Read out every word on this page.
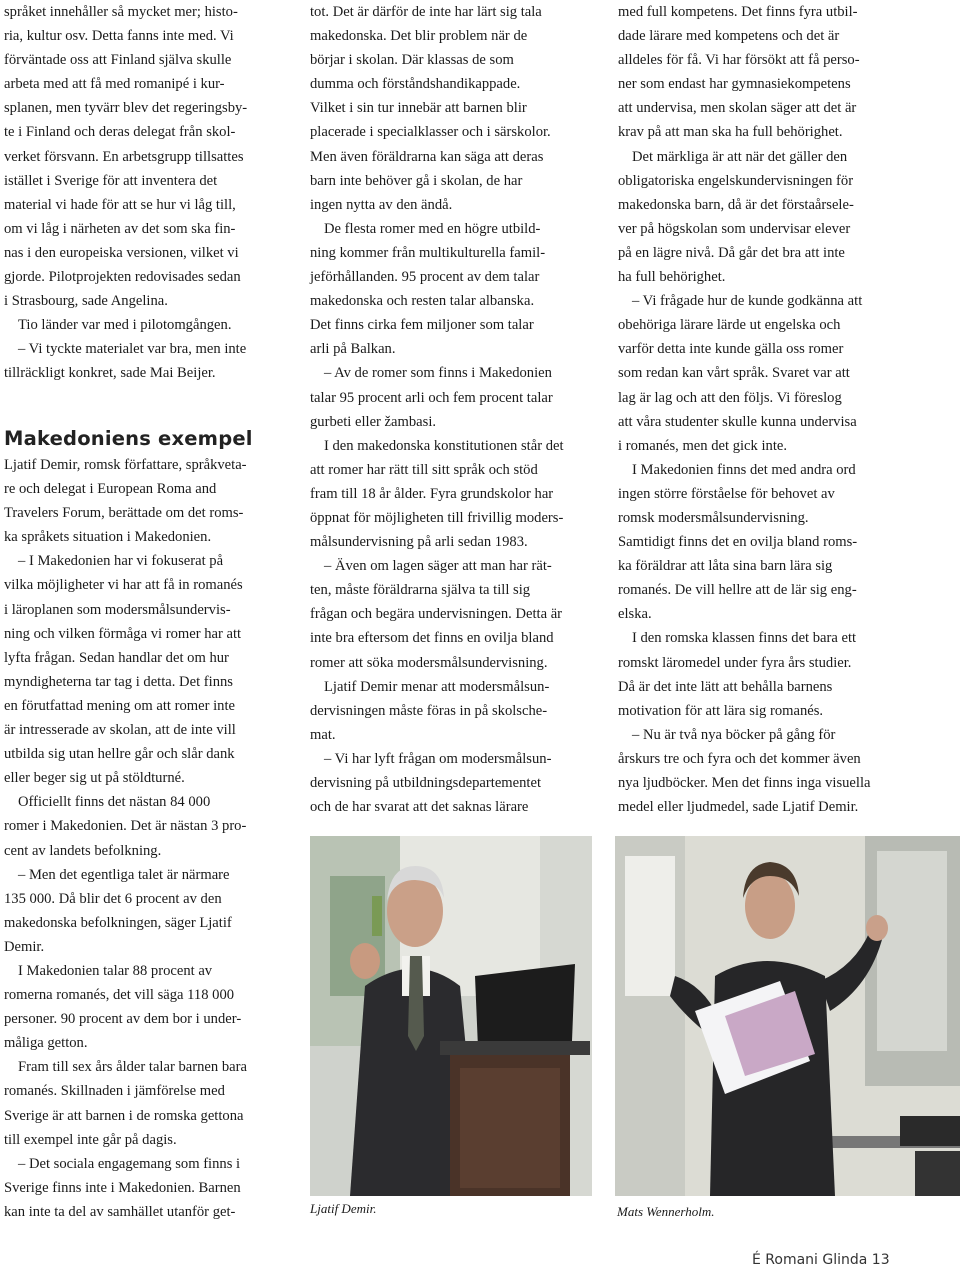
språket innehåller så mycket mer; histo-

ria, kultur osv. Detta fanns inte med. Vi

förväntade oss att Finland själva skulle

arbeta med att få med romanipé i kur-

splanen, men tyvärr blev det regeringsby-

te i Finland och deras delegat från skol-

verket försvann. En arbetsgrupp tillsattes

istället i Sverige för att inventera det

material vi hade för att se hur vi låg till,

om vi låg i närheten av det som ska fin-

nas i den europeiska versionen, vilket vi

gjorde. Pilotprojekten redovisades sedan

i Strasbourg, sade Angelina.

Tio länder var med i pilotomgången.

– Vi tyckte materialet var bra, men inte

tillräckligt konkret, sade Mai Beijer.

Makedoniens exempel

Ljatif Demir, romsk författare, språkveta-

re och delegat i European Roma and

Travelers Forum, berättade om det roms-

ka språkets situation i Makedonien.

– I Makedonien har vi fokuserat på

vilka möjligheter vi har att få in romanés

i läroplanen som modersmålsundervis-

ning och vilken förmåga vi romer har att

lyfta frågan. Sedan handlar det om hur

myndigheterna tar tag i detta. Det finns

en förutfattad mening om att romer inte

är intresserade av skolan, att de inte vill

utbilda sig utan hellre går och slår dank

eller beger sig ut på stöldturné.

Officiellt finns det nästan 84 000

romer i Makedonien. Det är nästan 3 pro-

cent av landets befolkning.

– Men det egentliga talet är närmare

135 000. Då blir det 6 procent av den

makedonska befolkningen, säger Ljatif

Demir.

I Makedonien talar 88 procent av

romerna romanés, det vill säga 118 000

personer. 90 procent av dem bor i under-

måliga getton.

Fram till sex års ålder talar barnen bara

romanés. Skillnaden i jämförelse med

Sverige är att barnen i de romska gettona

till exempel inte går på dagis.

– Det sociala engagemang som finns i

Sverige finns inte i Makedonien. Barnen

kan inte ta del av samhället utanför get-

tot. Det är därför de inte har lärt sig tala

makedonska. Det blir problem när de

börjar i skolan. Där klassas de som

dumma och förståndshandikappade.

Vilket i sin tur innebär att barnen blir

placerade i specialklasser och i särskolor.

Men även föräldrarna kan säga att deras

barn inte behöver gå i skolan, de har

ingen nytta av den ändå.

De flesta romer med en högre utbild-

ning kommer från multikulturella famil-

jeförhållanden. 95 procent av dem talar

makedonska och resten talar albanska.

Det finns cirka fem miljoner som talar

arli på Balkan.

– Av de romer som finns i Makedonien

talar 95 procent arli och fem procent talar

gurbeti eller žambasi.

I den makedonska konstitutionen står det

att romer har rätt till sitt språk och stöd

fram till 18 år ålder. Fyra grundskolor har

öppnat för möjligheten till frivillig moders-

målsundervisning på arli sedan 1983.

– Även om lagen säger att man har rät-

ten, måste föräldrarna själva ta till sig

frågan och begära undervisningen. Detta är

inte bra eftersom det finns en ovilja bland

romer att söka modersmålsundervisning.

Ljatif Demir menar att modersmålsun-

dervisningen måste föras in på skolsche-

mat.

– Vi har lyft frågan om modersmålsun-

dervisning på utbildningsdepartementet

och de har svarat att det saknas lärare

med full kompetens. Det finns fyra utbil-

dade lärare med kompetens och det är

alldeles för få. Vi har försökt att få perso-

ner som endast har gymnasiekompetens

att undervisa, men skolan säger att det är

krav på att man ska ha full behörighet.

Det märkliga är att när det gäller den

obligatoriska engelskundervisningen för

makedonska barn, då är det förstaårsele-

ver på högskolan som undervisar elever

på en lägre nivå. Då går det bra att inte

ha full behörighet.

– Vi frågade hur de kunde godkänna att

obehöriga lärare lärde ut engelska och

varför detta inte kunde gälla oss romer

som redan kan vårt språk. Svaret var att

lag är lag och att den följs. Vi föreslog

att våra studenter skulle kunna undervisa

i romanés, men det gick inte.

I Makedonien finns det med andra ord

ingen större förståelse för behovet av

romsk modersmålsundervisning.

Samtidigt finns det en ovilja bland roms-

ka föräldrar att låta sina barn lära sig

romanés. De vill hellre att de lär sig eng-

elska.

I den romska klassen finns det bara ett

romskt läromedel under fyra års studier.

Då är det inte lätt att behålla barnens

motivation för att lära sig romanés.

– Nu är två nya böcker på gång för

årskurs tre och fyra och det kommer även

nya ljudböcker. Men det finns inga visuella

medel eller ljudmedel, sade Ljatif Demir.

Ljatif Demir.	Mats Wennerholm.
É Romani Glinda 13
